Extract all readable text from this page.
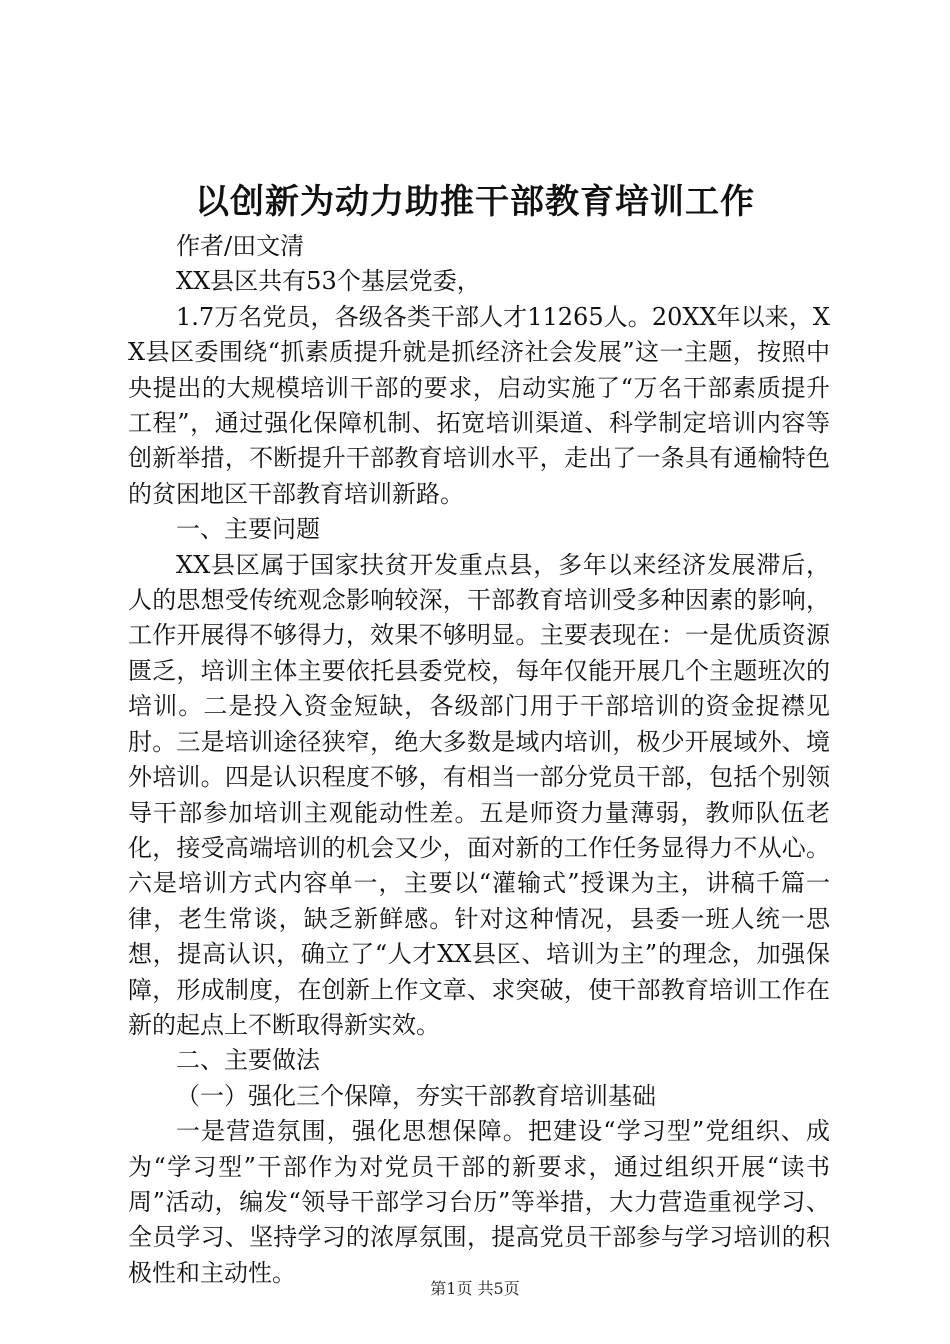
以创新为动力助推干部教育培训工作

作者/田文清

XX县区共有53个基层党委，

1.7万名党员，各级各类干部人才11265人。20XX年以来，XX县区委围绕“抓素质提升就是抓经济社会发展”这一主题，按照中央提出的大规模培训干部的要求，启动实施了“万名干部素质提升工程”，通过强化保障机制、拓宽培训渠道、科学制定培训内容等创新举措，不断提升干部教育培训水平，走出了一条具有通榆特色的贫困地区干部教育培训新路。

一、主要问题

XX县区属于国家扶贫开发重点县，多年以来经济发展滞后，人的思想受传统观念影响较深，干部教育培训受多种因素的影响，工作开展得不够得力，效果不够明显。主要表现在：一是优质资源匮乏，培训主体主要依托县委党校，每年仅能开展几个主题班次的培训。二是投入资金短缺，各级部门用于干部培训的资金捉襟见肘。三是培训途径狭窄，绝大多数是域内培训，极少开展域外、境外培训。四是认识程度不够，有相当一部分党员干部，包括个别领导干部参加培训主观能动性差。五是师资力量薄弱，教师队伍老化，接受高端培训的机会又少，面对新的工作任务显得力不从心。六是培训方式内容单一，主要以“灌输式”授课为主，讲稿千篇一律，老生常谈，缺乏新鲜感。针对这种情况，县委一班人统一思想，提高认识，确立了“人才XX县区、培训为主”的理念，加强保障，形成制度，在创新上作文章、求突破，使干部教育培训工作在新的起点上不断取得新实效。

二、主要做法

（一）强化三个保障，夯实干部教育培训基础

一是营造氛围，强化思想保障。把建设“学习型”党组织、成为“学习型”干部作为对党员干部的新要求，通过组织开展“读书周”活动，编发“领导干部学习台历”等举措，大力营造重视学习、全员学习、坚持学习的浓厚氛围，提高党员干部参与学习培训的积极性和主动性。

第1页 共5页
